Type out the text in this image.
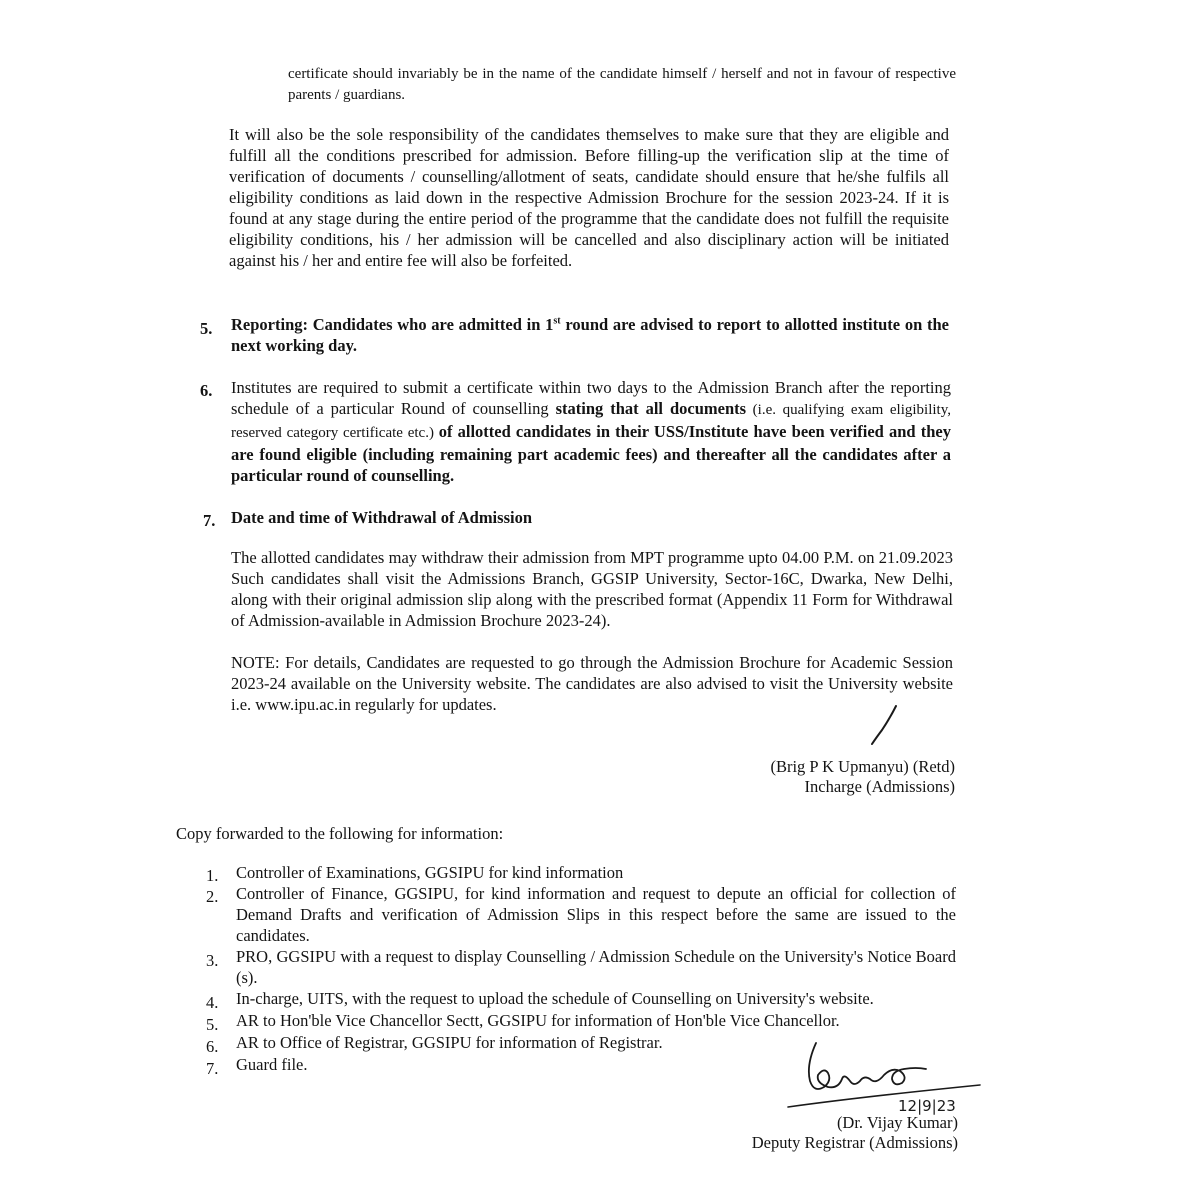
certificate should invariably be in the name of the candidate himself / herself and not in favour of respective parents / guardians.
It will also be the sole responsibility of the candidates themselves to make sure that they are eligible and fulfill all the conditions prescribed for admission. Before filling-up the verification slip at the time of verification of documents / counselling/allotment of seats, candidate should ensure that he/she fulfils all eligibility conditions as laid down in the respective Admission Brochure for the session 2023-24. If it is found at any stage during the entire period of the programme that the candidate does not fulfill the requisite eligibility conditions, his / her admission will be cancelled and also disciplinary action will be initiated against his / her and entire fee will also be forfeited.
5. Reporting: Candidates who are admitted in 1st round are advised to report to allotted institute on the next working day.
6. Institutes are required to submit a certificate within two days to the Admission Branch after the reporting schedule of a particular Round of counselling stating that all documents (i.e. qualifying exam eligibility, reserved category certificate etc.) of allotted candidates in their USS/Institute have been verified and they are found eligible (including remaining part academic fees) and thereafter all the candidates after a particular round of counselling.
7. Date and time of Withdrawal of Admission
The allotted candidates may withdraw their admission from MPT programme upto 04.00 P.M. on 21.09.2023 Such candidates shall visit the Admissions Branch, GGSIP University, Sector-16C, Dwarka, New Delhi, along with their original admission slip along with the prescribed format (Appendix 11 Form for Withdrawal of Admission-available in Admission Brochure 2023-24).
NOTE: For details, Candidates are requested to go through the Admission Brochure for Academic Session 2023-24 available on the University website. The candidates are also advised to visit the University website i.e. www.ipu.ac.in regularly for updates.
(Brig P K Upmanyu) (Retd)
Incharge (Admissions)
Copy forwarded to the following for information:
1. Controller of Examinations, GGSIPU for kind information
2. Controller of Finance, GGSIPU, for kind information and request to depute an official for collection of Demand Drafts and verification of Admission Slips in this respect before the same are issued to the candidates.
3. PRO, GGSIPU with a request to display Counselling / Admission Schedule on the University's Notice Board (s).
4. In-charge, UITS, with the request to upload the schedule of Counselling on University's website.
5. AR to Hon'ble Vice Chancellor Sectt, GGSIPU for information of Hon'ble Vice Chancellor.
6. AR to Office of Registrar, GGSIPU for information of Registrar.
7. Guard file.
12|9|23
(Dr. Vijay Kumar)
Deputy Registrar (Admissions)
